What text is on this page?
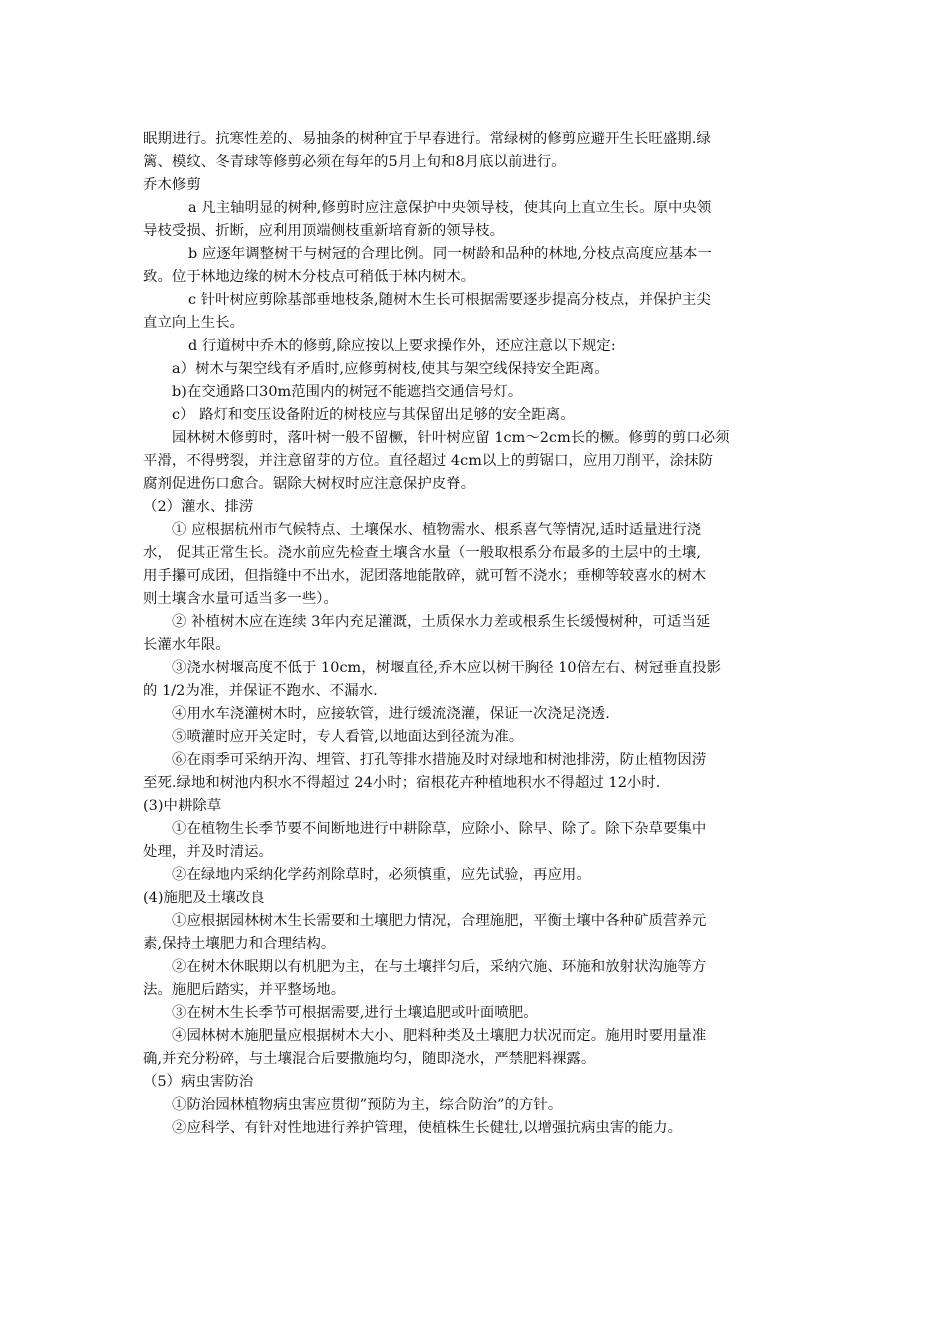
眠期进行。抗寒性差的、易抽条的树种宜于早春进行。常绿树的修剪应避开生长旺盛期.绿
篱、模纹、冬青球等修剪必须在每年的5月上旬和8月底以前进行。
乔木修剪
a 凡主轴明显的树种,修剪时应注意保护中央领导枝，使其向上直立生长。原中央领
导枝受损、折断，应利用顶端侧枝重新培育新的领导枝。
b 应逐年调整树干与树冠的合理比例。同一树龄和品种的林地,分枝点高度应基本一
致。位于林地边缘的树木分枝点可稍低于林内树木。
c 针叶树应剪除基部垂地枝条,随树木生长可根据需要逐步提高分枝点，并保护主尖
直立向上生长。
d 行道树中乔木的修剪,除应按以上要求操作外，还应注意以下规定:
a）树木与架空线有矛盾时,应修剪树枝,使其与架空线保持安全距离。
b)在交通路口30m范围内的树冠不能遮挡交通信号灯。
c） 路灯和变压设备附近的树枝应与其保留出足够的安全距离。
园林树木修剪时，落叶树一般不留橛，针叶树应留 1cm～2cm长的橛。修剪的剪口必须
平滑，不得劈裂，并注意留芽的方位。直径超过 4cm以上的剪锯口，应用刀削平，涂抹防
腐剂促进伤口愈合。锯除大树杈时应注意保护皮脊。
（2）灌水、排涝
① 应根据杭州市气候特点、土壤保水、植物需水、根系喜气等情况,适时适量进行浇
水， 促其正常生长。浇水前应先检查土壤含水量（一般取根系分布最多的土层中的土壤,
用手攥可成团，但指缝中不出水，泥团落地能散碎，就可暂不浇水；垂柳等较喜水的树木
则土壤含水量可适当多一些）。
② 补植树木应在连续 3年内充足灌溉，土质保水力差或根系生长缓慢树种，可适当延
长灌水年限。
③浇水树堰高度不低于 10cm，树堰直径,乔木应以树干胸径 10倍左右、树冠垂直投影
的 1/2为准，并保证不跑水、不漏水.
④用水车浇灌树木时，应接软管，进行缓流浇灌，保证一次浇足浇透.
⑤喷灌时应开关定时，专人看管,以地面达到径流为准。
⑥在雨季可采纳开沟、埋管、打孔等排水措施及时对绿地和树池排涝，防止植物因涝
至死.绿地和树池内积水不得超过 24小时；宿根花卉种植地积水不得超过 12小时.
(3)中耕除草
①在植物生长季节要不间断地进行中耕除草，应除小、除早、除了。除下杂草要集中
处理，并及时清运。
②在绿地内采纳化学药剂除草时，必须慎重，应先试验，再应用。
(4)施肥及土壤改良
①应根据园林树木生长需要和土壤肥力情况，合理施肥，平衡土壤中各种矿质营养元
素,保持土壤肥力和合理结构。
②在树木休眠期以有机肥为主，在与土壤拌匀后，采纳穴施、环施和放射状沟施等方
法。施肥后踏实，并平整场地。
③在树木生长季节可根据需要,进行土壤追肥或叶面喷肥。
④园林树木施肥量应根据树木大小、肥料种类及土壤肥力状况而定。施用时要用量准
确,并充分粉碎，与土壤混合后要撒施均匀，随即浇水，严禁肥料裸露。
（5）病虫害防治
①防治园林植物病虫害应贯彻”预防为主，综合防治”的方针。
②应科学、有针对性地进行养护管理，使植株生长健壮,以增强抗病虫害的能力。
